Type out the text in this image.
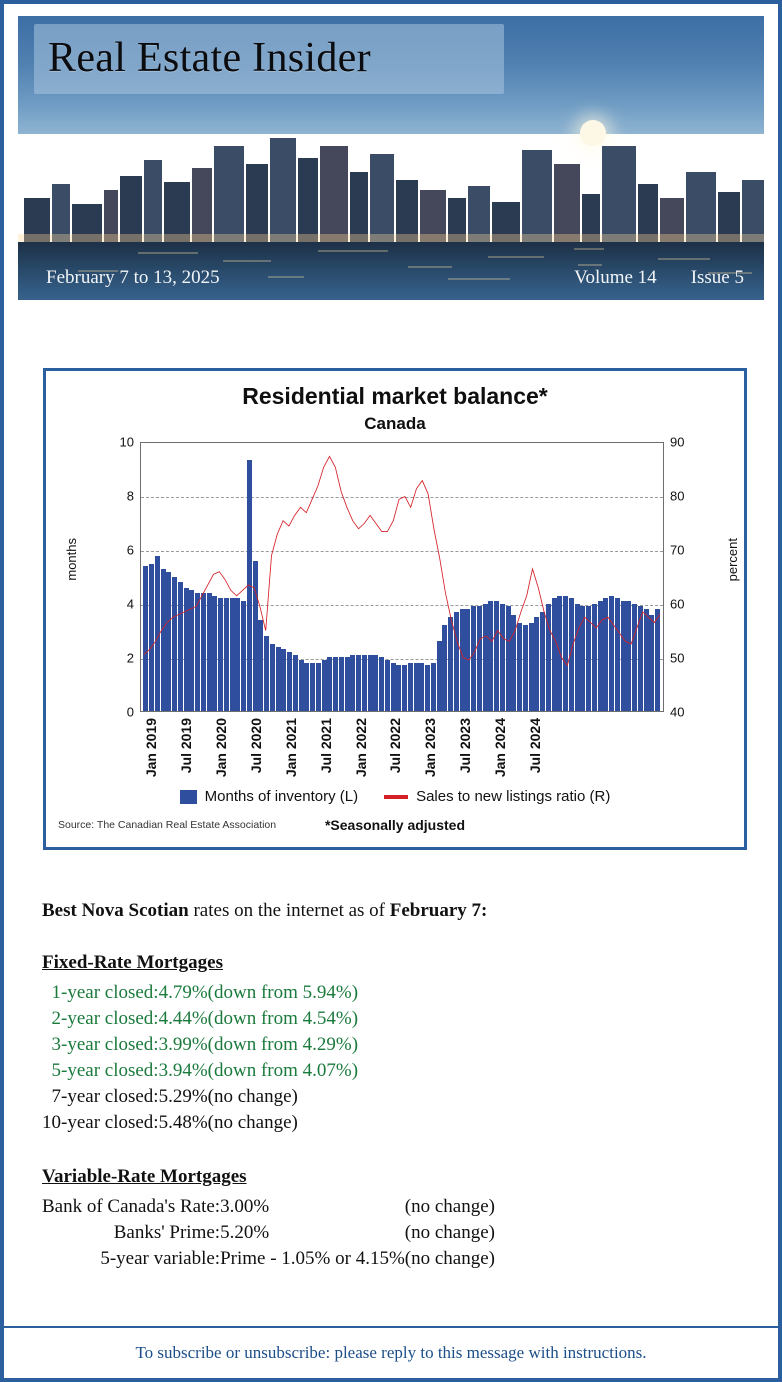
Real Estate Insider
February 7 to 13, 2025	Volume 14 Issue 5
Residential market balance*
Canada
months	percent
10
8
6
4
2
0
90
80
70
60
50
40
Jan 2019 Jul 2019 Jan 2020 Jul 2020 Jan 2021 Jul 2021 Jan 2022 Jul 2022 Jan 2023 Jul 2023 Jan 2024 Jul 2024
Months of inventory (L)	Sales to new listings ratio (R)
Source: The Canadian Real Estate Association	*Seasonally adjusted
Best Nova Scotian rates on the internet as of February 7:
Fixed-Rate Mortgages
1-year closed:	4.79%	(down from 5.94%)
2-year closed:	4.44%	(down from 4.54%)
3-year closed:	3.99%	(down from 4.29%)
5-year closed:	3.94%	(down from 4.07%)
7-year closed:	5.29%	(no change)
10-year closed:	5.48%	(no change)
Variable-Rate Mortgages
Bank of Canada's Rate:	3.00%	(no change)
Banks' Prime:	5.20%	(no change)
5-year variable:	Prime - 1.05% or 4.15%	(no change)
To subscribe or unsubscribe: please reply to this message with instructions.
